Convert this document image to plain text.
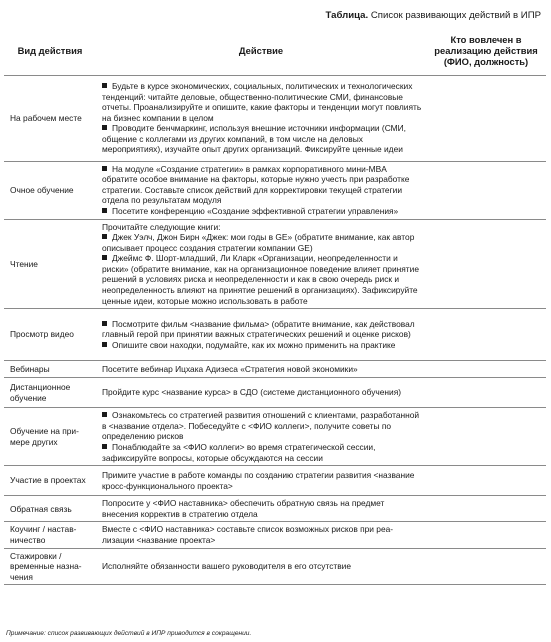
Таблица. Список развивающих действий в ИПР
Вид действия	Действие	Кто вовлечен в реализацию действия (ФИО, должность)
На рабочем месте	Будьте в курсе экономических, социальных, политических и технологических тенденций: читайте деловые, общественно-политические СМИ, финансовые отчеты. Проанализируйте и опишите, какие факторы и тенденции могут повлиять на бизнес компании в целом
Проводите бенчмаркинг, используя внешние источники информации (СМИ, общение с коллегами из других компаний, в том числе на деловых мероприятиях), изучайте опыт других организаций. Фиксируйте ценные идеи	

Очное обучение	На модуле «Создание стратегии» в рамках корпоративного мини-MBA обратите особое внимание на факторы, которые нужно учесть при разработке стратегии. Составьте список действий для корректировки текущей стратегии отдела по результатам модуля
Посетите конференцию «Создание эффективной стратегии управления»	

Чтение	Прочитайте следующие книги:
Джек Уэлч, Джон Бирн «Джек: мои годы в GE» (обратите внимание, как автор описывает процесс создания стратегии компании GE)
Джеймс Ф. Шорт-младший, Ли Кларк «Организации, неопределенности и риски» (обратите внимание, как на организационное поведение влияет принятие решений в условиях риска и неопределенности и как в свою очередь риск и неопределенность влияют на принятие решений в организациях). Зафиксируйте ценные идеи, которые можно использовать в работе	

Просмотр видео	Посмотрите фильм <название фильма> (обратите внимание, как действовал главный герой при принятии важных стратегических решений и оценке рисков)
Опишите свои находки, подумайте, как их можно применить на практике	

Вебинары	Посетите вебинар Ицхака Адизеса «Стратегия новой экономики»	

Дистанционное обучение	Пройдите курс <название курса> в СДО (системе дистанционного обучения)	

Обучение на примере других	Ознакомьтесь со стратегией развития отношений с клиентами, разработанной в <название отдела>. Побеседуйте с <ФИО коллеги>, получите советы по определению рисков
Понаблюдайте за <ФИО коллеги> во время стратегической сессии, зафиксируйте вопросы, которые обсуждаются на сессии	

Участие в проектах	Примите участие в работе команды по созданию стратегии развития <название кросс-функционального проекта>	

Обратная связь	Попросите у <ФИО наставника> обеспечить обратную связь на предмет внесения корректив в стратегию отдела	

Коучинг / наставничество	Вместе с <ФИО наставника> составьте список возможных рисков при реализации <название проекта>	

Стажировки / временные назначения	Исполняйте обязанности вашего руководителя в его отсутствие	

Примечание: список развивающих действий в ИПР приводится в сокращении.
